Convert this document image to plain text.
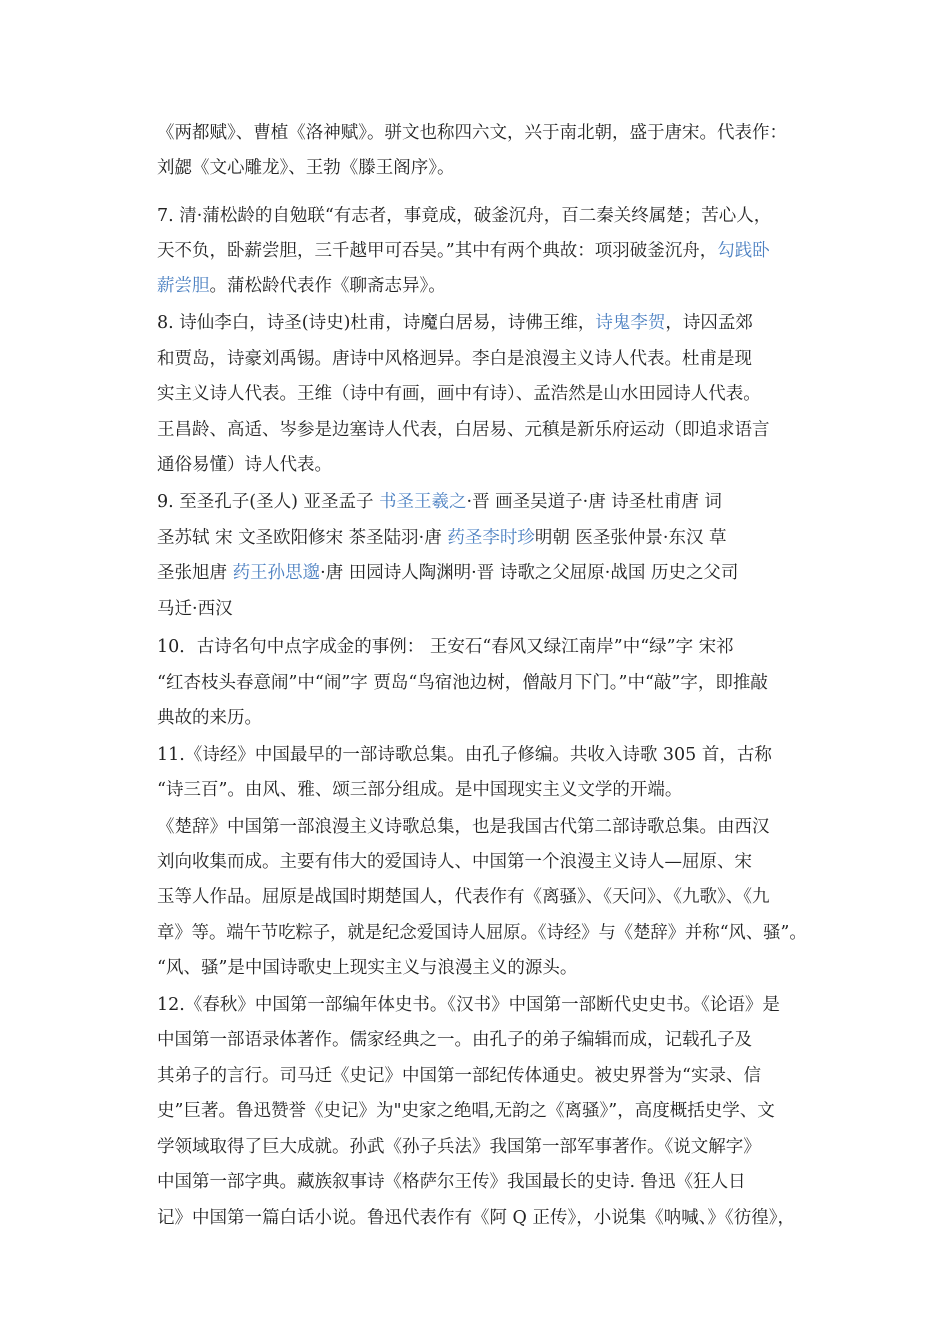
《两都赋》、曹植《洛神赋》。骈文也称四六文，兴于南北朝，盛于唐宋。代表作：
刘勰《文心雕龙》、王勃《滕王阁序》。
7. 清·蒲松龄的自勉联“有志者，事竟成，破釜沉舟，百二秦关终属楚；苦心人，
天不负，卧薪尝胆，三千越甲可吞吴。”其中有两个典故：项羽破釜沉舟，勾践卧
薪尝胆。蒲松龄代表作《聊斋志异》。
8. 诗仙李白，诗圣(诗史)杜甫，诗魔白居易，诗佛王维，诗鬼李贺，诗囚孟郊
和贾岛，诗豪刘禹锡。唐诗中风格迥异。李白是浪漫主义诗人代表。杜甫是现
实主义诗人代表。王维（诗中有画，画中有诗）、孟浩然是山水田园诗人代表。
王昌龄、高适、岑参是边塞诗人代表，白居易、元稹是新乐府运动（即追求语言
通俗易懂）诗人代表。
9. 至圣孔子(圣人) 亚圣孟子 书圣王羲之·晋 画圣吴道子·唐 诗圣杜甫唐 词
圣苏轼 宋 文圣欧阳修宋 茶圣陆羽·唐 药圣李时珍明朝 医圣张仲景·东汉 草
圣张旭唐 药王孙思邈·唐 田园诗人陶渊明·晋 诗歌之父屈原·战国 历史之父司
马迁·西汉
10．古诗名句中点字成金的事例： 王安石“春风又绿江南岸”中“绿”字 宋祁
“红杏枝头春意闹”中“闹”字 贾岛“鸟宿池边树，僧敲月下门。”中“敲”字，即推敲
典故的来历。
11.《诗经》中国最早的一部诗歌总集。由孔子修编。共收入诗歌 305 首，古称
“诗三百”。由风、雅、颂三部分组成。是中国现实主义文学的开端。
《楚辞》中国第一部浪漫主义诗歌总集，也是我国古代第二部诗歌总集。由西汉
刘向收集而成。主要有伟大的爱国诗人、中国第一个浪漫主义诗人—屈原、宋
玉等人作品。屈原是战国时期楚国人，代表作有《离骚》、《天问》、《九歌》、《九
章》等。端午节吃粽子，就是纪念爱国诗人屈原。《诗经》与《楚辞》并称“风、骚”。
“风、骚”是中国诗歌史上现实主义与浪漫主义的源头。
12.《春秋》中国第一部编年体史书。《汉书》中国第一部断代史史书。《论语》是
中国第一部语录体著作。儒家经典之一。由孔子的弟子编辑而成，记载孔子及
其弟子的言行。司马迁《史记》中国第一部纪传体通史。被史界誉为“实录、信
史”巨著。鲁迅赞誉《史记》为"史家之绝唱,无韵之《离骚》”，高度概括史学、文
学领域取得了巨大成就。孙武《孙子兵法》我国第一部军事著作。《说文解字》
中国第一部字典。藏族叙事诗《格萨尔王传》我国最长的史诗. 鲁迅《狂人日
记》中国第一篇白话小说。鲁迅代表作有《阿 Q 正传》，小说集《呐喊、》《彷徨》，
